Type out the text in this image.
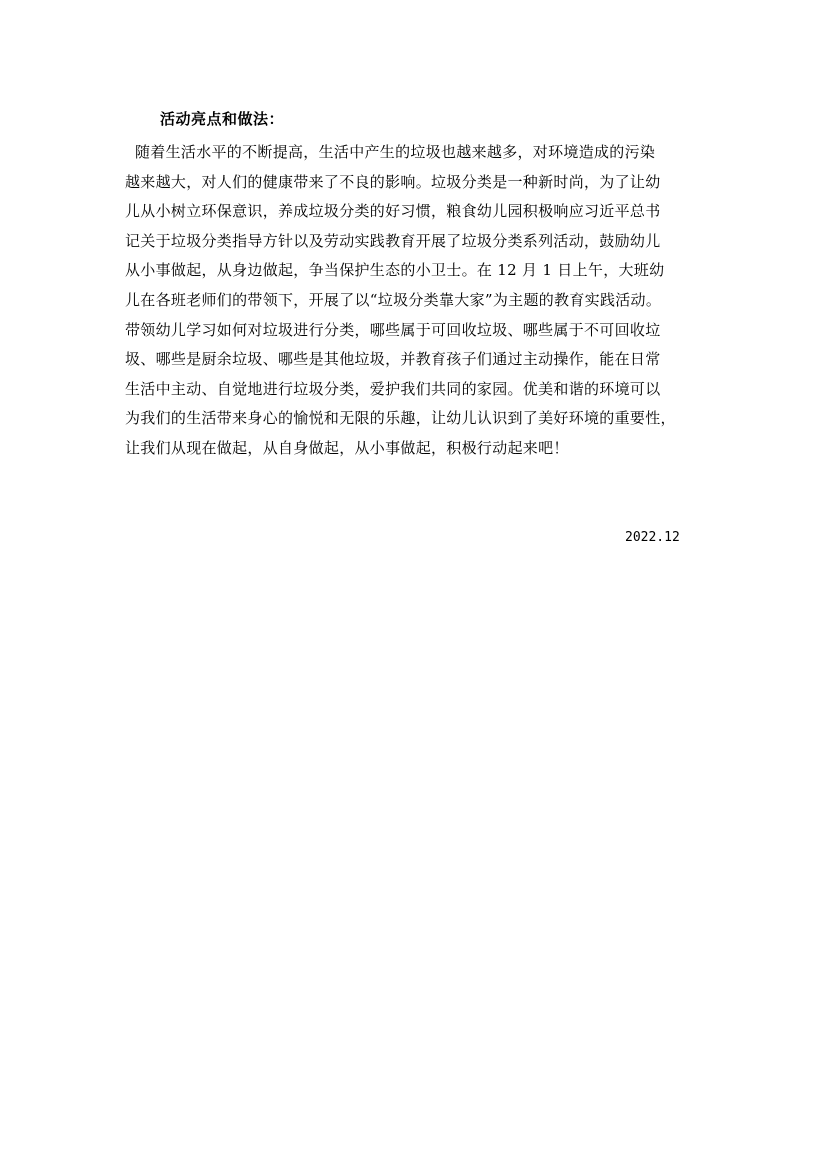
活动亮点和做法：
随着生活水平的不断提高，生活中产生的垃圾也越来越多，对环境造成的污染
越来越大，对人们的健康带来了不良的影响。垃圾分类是一种新时尚，为了让幼
儿从小树立环保意识，养成垃圾分类的好习惯，粮食幼儿园积极响应习近平总书
记关于垃圾分类指导方针以及劳动实践教育开展了垃圾分类系列活动，鼓励幼儿
从小事做起，从身边做起，争当保护生态的小卫士。在 12 月 1 日上午，大班幼
儿在各班老师们的带领下，开展了以“垃圾分类靠大家”为主题的教育实践活动。
带领幼儿学习如何对垃圾进行分类，哪些属于可回收垃圾、哪些属于不可回收垃
圾、哪些是厨余垃圾、哪些是其他垃圾，并教育孩子们通过主动操作，能在日常
生活中主动、自觉地进行垃圾分类，爱护我们共同的家园。优美和谐的环境可以
为我们的生活带来身心的愉悦和无限的乐趣，让幼儿认识到了美好环境的重要性，
让我们从现在做起，从自身做起，从小事做起，积极行动起来吧！
2022.12
